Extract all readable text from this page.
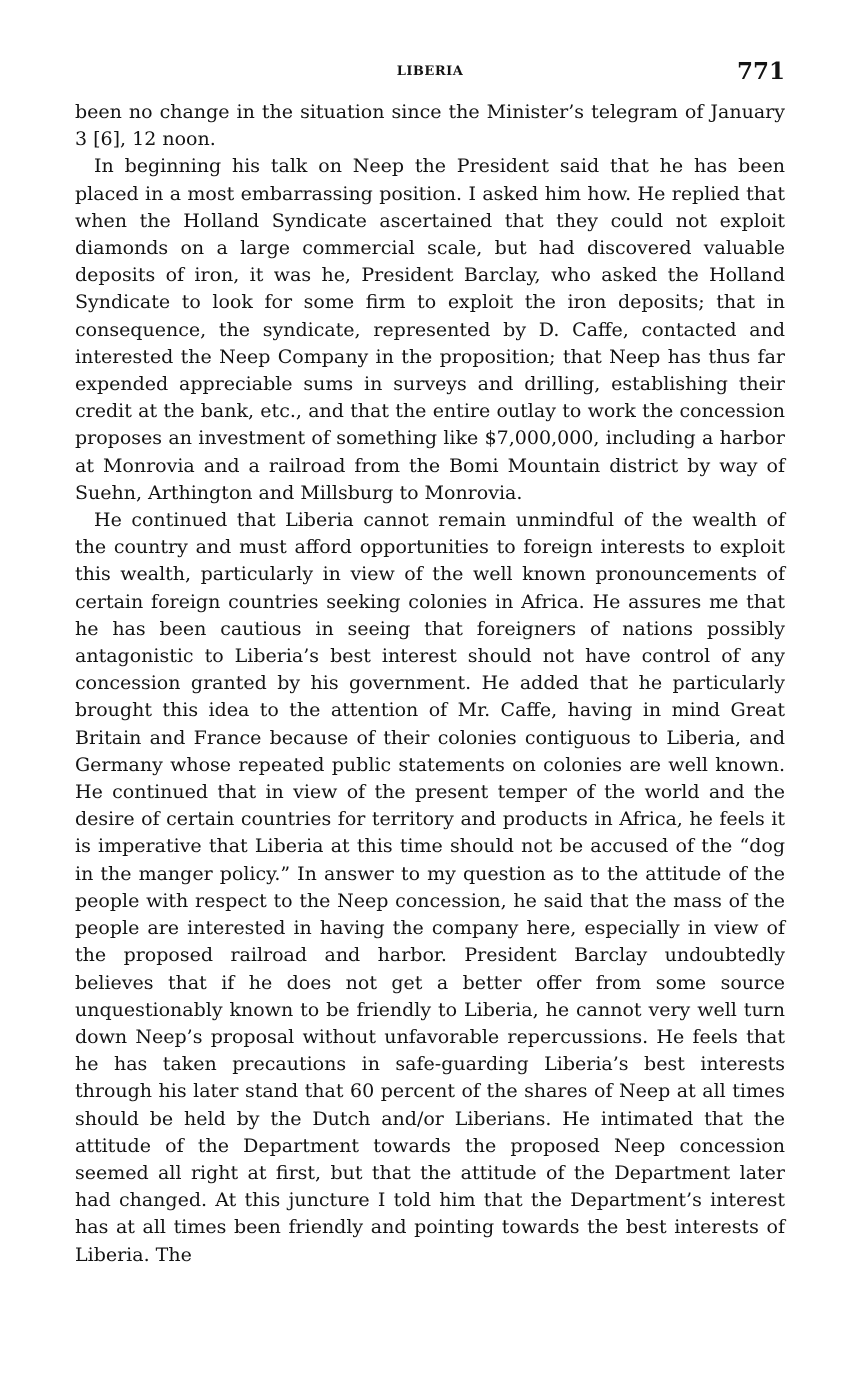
LIBERIA	771

been no change in the situation since the Minister’s telegram of January 3 [6], 12 noon.

In beginning his talk on Neep the President said that he has been placed in a most embarrassing position. I asked him how. He replied that when the Holland Syndicate ascertained that they could not exploit diamonds on a large commercial scale, but had discovered valuable deposits of iron, it was he, President Barclay, who asked the Holland Syndicate to look for some firm to exploit the iron deposits; that in consequence, the syndicate, represented by D. Caffe, contacted and interested the Neep Company in the proposition; that Neep has thus far expended appreciable sums in surveys and drilling, establishing their credit at the bank, etc., and that the entire outlay to work the concession proposes an investment of something like $7,000,000, including a harbor at Monrovia and a railroad from the Bomi Mountain district by way of Suehn, Arthington and Millsburg to Monrovia.

He continued that Liberia cannot remain unmindful of the wealth of the country and must afford opportunities to foreign interests to exploit this wealth, particularly in view of the well known pronouncements of certain foreign countries seeking colonies in Africa. He assures me that he has been cautious in seeing that foreigners of nations possibly antagonistic to Liberia’s best interest should not have control of any concession granted by his government. He added that he particularly brought this idea to the attention of Mr. Caffe, having in mind Great Britain and France because of their colonies contiguous to Liberia, and Germany whose repeated public statements on colonies are well known. He continued that in view of the present temper of the world and the desire of certain countries for territory and products in Africa, he feels it is imperative that Liberia at this time should not be accused of the “dog in the manger policy.” In answer to my question as to the attitude of the people with respect to the Neep concession, he said that the mass of the people are interested in having the company here, especially in view of the proposed railroad and harbor. President Barclay undoubtedly believes that if he does not get a better offer from some source unquestionably known to be friendly to Liberia, he cannot very well turn down Neep’s proposal without unfavorable repercussions. He feels that he has taken precautions in safe-guarding Liberia’s best interests through his later stand that 60 percent of the shares of Neep at all times should be held by the Dutch and/or Liberians. He intimated that the attitude of the Department towards the proposed Neep concession seemed all right at first, but that the attitude of the Department later had changed. At this juncture I told him that the Department’s interest has at all times been friendly and pointing towards the best interests of Liberia. The
